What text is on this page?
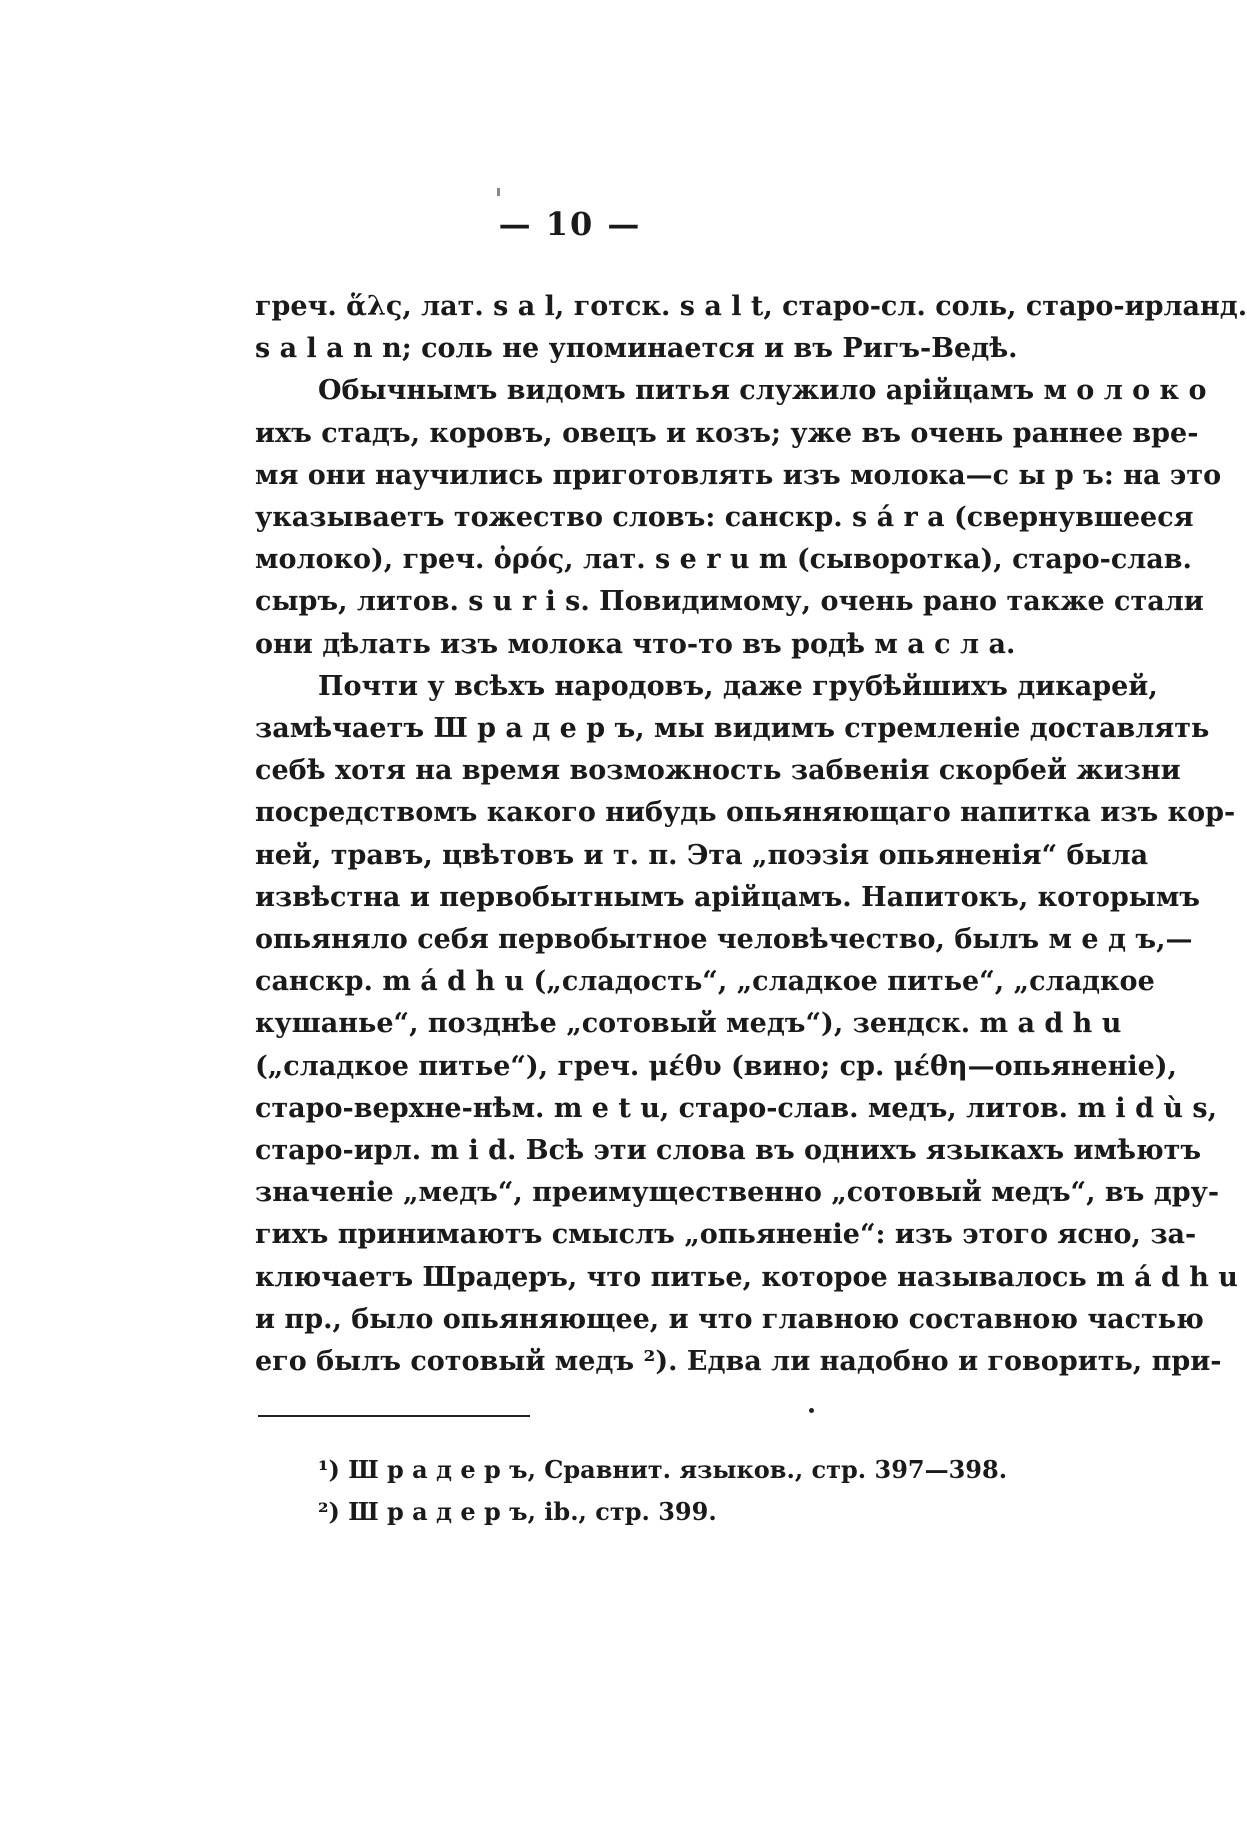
— 10 —
греч. ἅλς, лат. s a l, готск. s a l t, старо-сл. соль, старо-ирланд.
s a l a n n; соль не упоминается и въ Ригъ-Ведѣ.
Обычнымъ видомъ питья служило арійцамъ м о л о к о
ихъ стадъ, коровъ, овецъ и козъ; уже въ очень раннее вре-
мя они научились приготовлять изъ молока—с ы р ъ: на это
указываетъ тожество словъ: санскр. s á r a (свернувшееся
молоко), греч. ὀρός, лат. s e r u m (сыворотка), старо-слав.
сыръ, литов. s u r i s. Повидимому, очень рано также стали
они дѣлать изъ молока что-то въ родѣ м а с л а.
Почти у всѣхъ народовъ, даже грубѣйшихъ дикарей,
замѣчаетъ Ш р а д е р ъ, мы видимъ стремленіе доставлять
себѣ хотя на время возможность забвенія скорбей жизни
посредствомъ какого нибудь опьяняющаго напитка изъ кор-
ней, травъ, цвѣтовъ и т. п. Эта „поэзія опьяненія“ была
извѣстна и первобытнымъ арійцамъ. Напитокъ, которымъ
опьяняло себя первобытное человѣчество, былъ м е д ъ,—
санскр. m á d h u („сладость“, „сладкое питье“, „сладкое
кушанье“, позднѣе „сотовый медъ“), зендск. m a d h u
(„сладкое питье“), греч. μέθυ (вино; ср. μέθη—опьяненіе),
старо-верхне-нѣм. m e t u, старо-слав. медъ, литов. m i d ù s,
старо-ирл. m i d. Всѣ эти слова въ однихъ языкахъ имѣютъ
значеніе „медъ“, преимущественно „сотовый медъ“, въ дру-
гихъ принимаютъ смыслъ „опьяненіе“: изъ этого ясно, за-
ключаетъ Шрадеръ, что питье, которое называлось m á d h u
и пр., было опьяняющее, и что главною составною частью
его былъ сотовый медъ ²). Едва ли надобно и говорить, при-
¹) Ш р а д е р ъ, Сравнит. языков., стр. 397—398.
²) Ш р а д е р ъ, ib., стр. 399.
